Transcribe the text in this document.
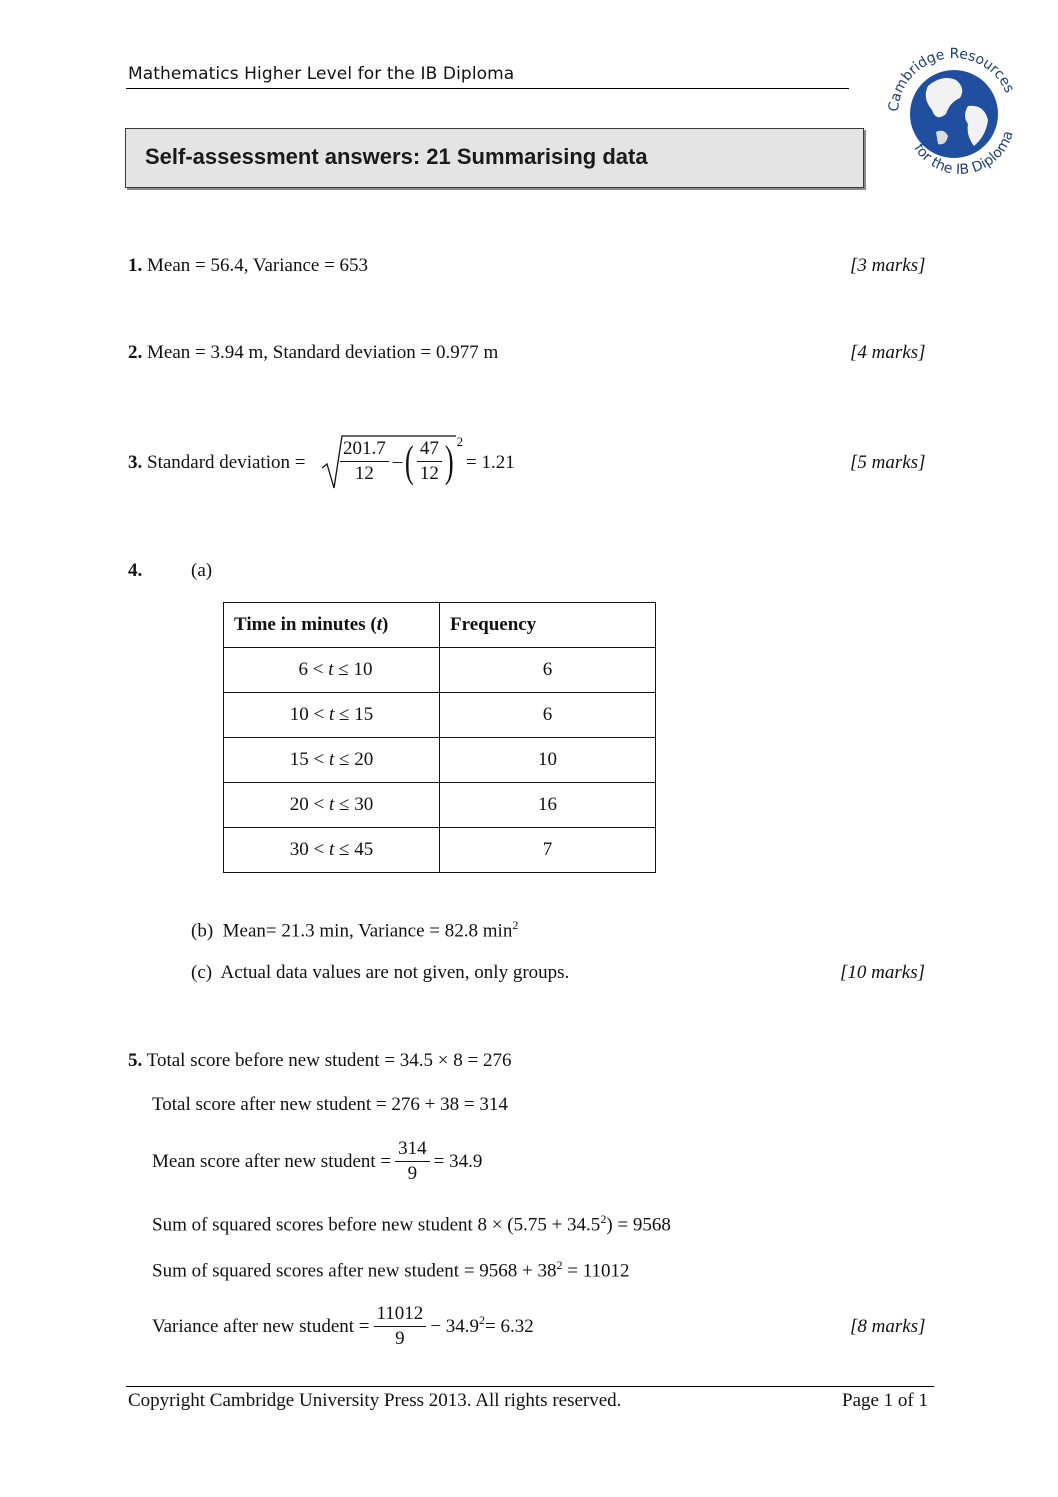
Mathematics Higher Level for the IB Diploma
Self-assessment answers: 21 Summarising data
Cambridge Resources
for the IB Diploma
1. Mean = 56.4, Variance = 653	[3 marks]
2. Mean = 3.94 m, Standard deviation = 0.977 m	[4 marks]
3. Standard deviation = $\frac{201.7}{12}$ – ( $\frac{47}{12}$ ) 2
= 1.21	[5 marks]
4.	(a)
Time in minutes (t)	Frequency
6 < t ≤ 10	6
10 < t ≤ 15	6
15 < t ≤ 20	10
20 < t ≤ 30	16
30 < t ≤ 45	7
(b) Mean= 21.3 min, Variance = 82.8 $\min^2$
(c) Actual data values are not given, only groups.	[10 marks]
5. Total score before new student = 34.5 × 8 = 276
Total score after new student = 276 + 38 = 314
Mean score after new student = $\frac{314}{9} = 34.9$
Sum of squared scores before new student $8 \times (5.75 + 34.5^2) = 9568$
Sum of squared scores after new student = $9568 + 38^2 = 11012$
Variance after new student = $\frac{11012}{9} - 34.9^2 = 6.32$	[8 marks]
Copyright Cambridge University Press 2013. All rights reserved.	Page 1 of 1
